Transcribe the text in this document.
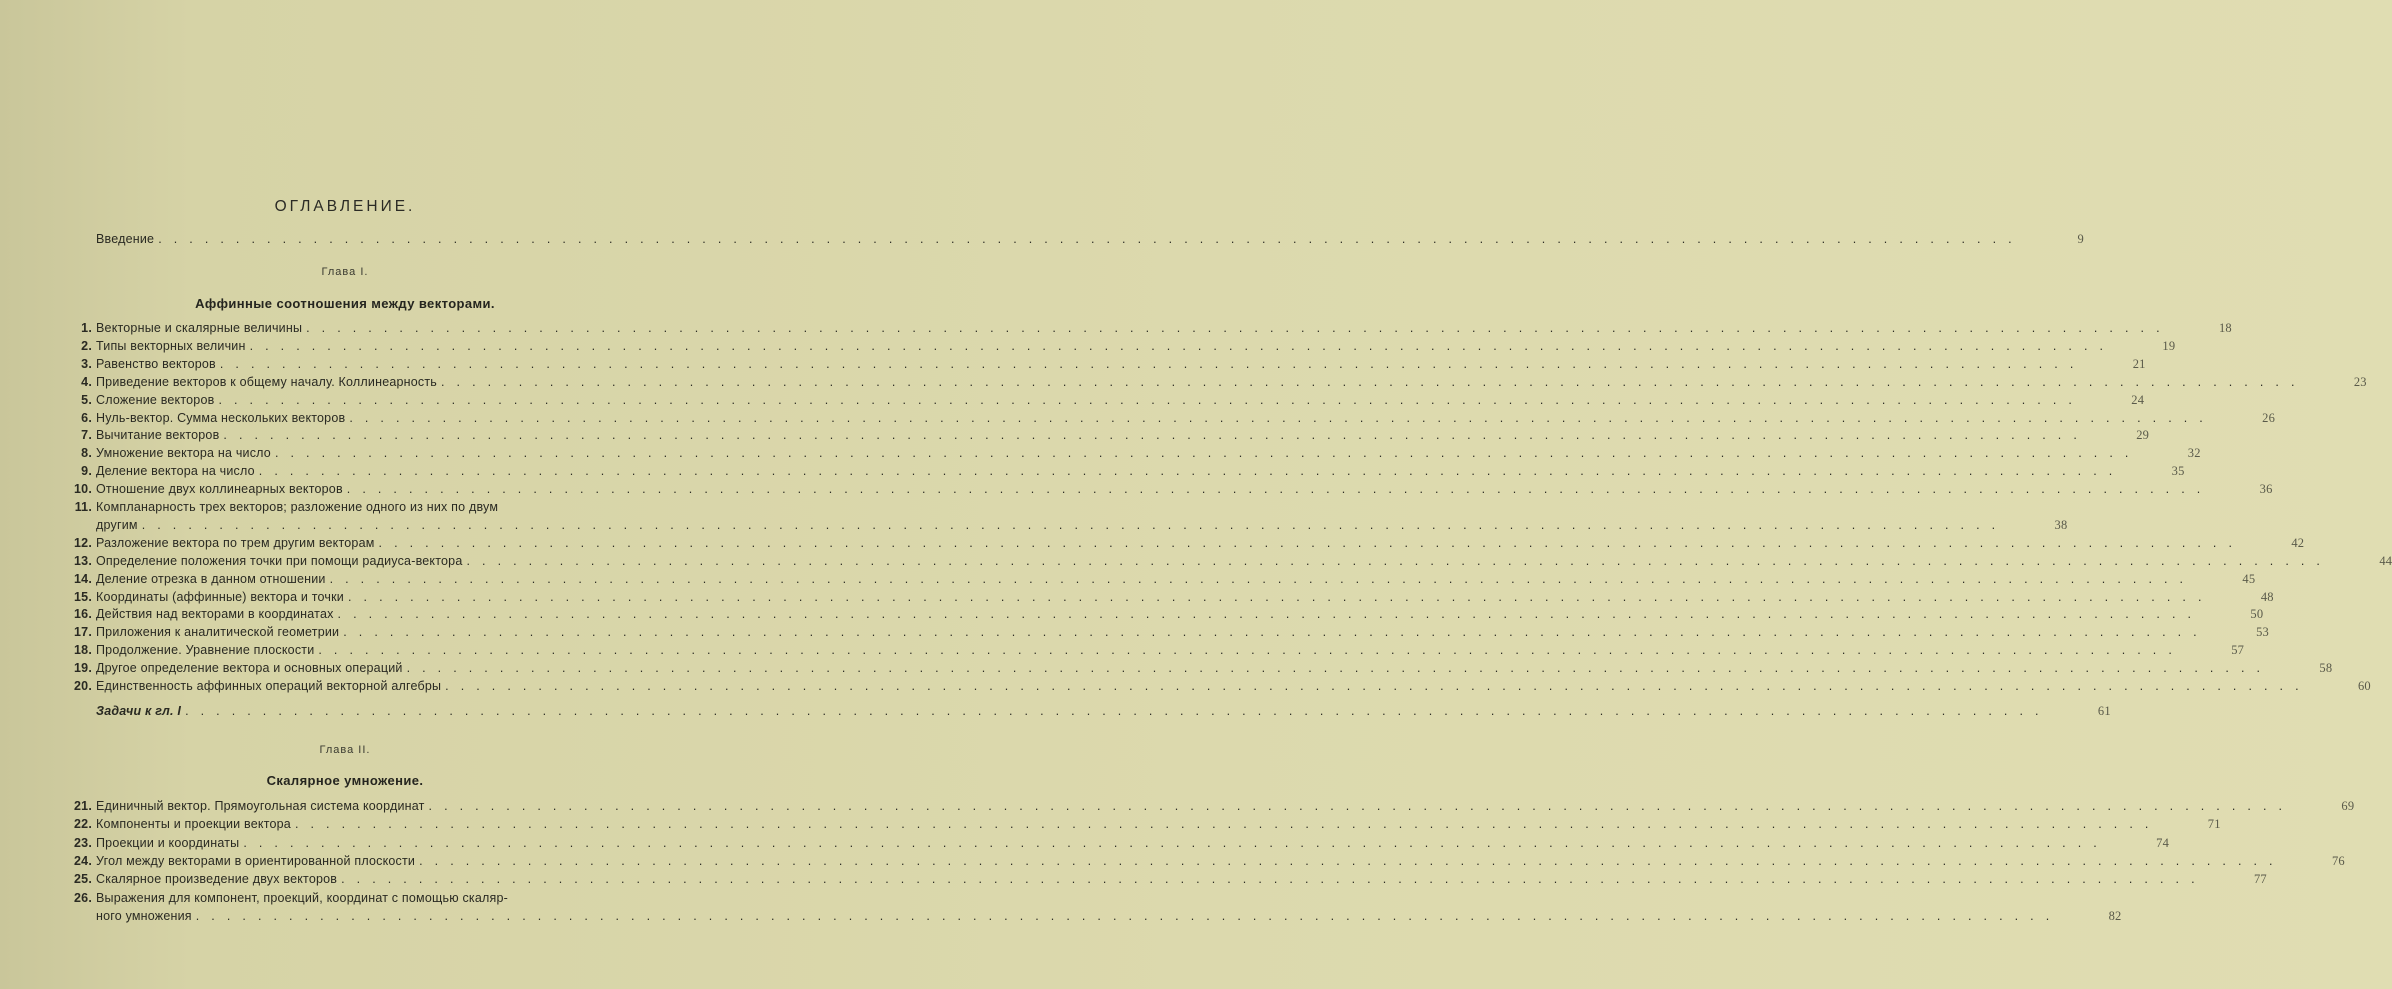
ОГЛАВЛЕНИЕ.
Введение . . . . . . . . . . . . . . . . . . . . . . . . . . . . . . . . . . . . . . . . . . . . . . . . . . . . . . . . . . . . . . . . . . . . . . . . . . . . . . . . . . . . . . . . . . . . . . . . . . . . . . . . . . . . . . . . . . . . . . . .	9
Глава I.
Аффинные соотношения между векторами.
1. Векторные и скалярные величины . . . . . . . . . . . . . . . . . . . . . . . . . . . . . . . . . . . . . . . . . . . . . . . . . . . . . . . . . . . . . . . . . . . . . . . . . . . . . . . . . . . . . . . . . . . . . . . . . . . . . . . . . . . . . . . . . . . . . . . .	18
2. Типы векторных величин . . . . . . . . . . . . . . . . . . . . . . . . . . . . . . . . . . . . . . . . . . . . . . . . . . . . . . . . . . . . . . . . . . . . . . . . . . . . . . . . . . . . . . . . . . . . . . . . . . . . . . . . . . . . . . . . . . . . . . . .	19
3. Равенство векторов . . . . . . . . . . . . . . . . . . . . . . . . . . . . . . . . . . . . . . . . . . . . . . . . . . . . . . . . . . . . . . . . . . . . . . . . . . . . . . . . . . . . . . . . . . . . . . . . . . . . . . . . . . . . . . . . . . . . . . . .	21
4. Приведение векторов к общему началу. Коллинеарность . . . . . . . . . . . . . . . . . . . . . . . . . . . . . . . . . . . . . . . . . . . . . . . . . . . . . . . . . . . . . . . . . . . . . . . . . . . . . . . . . . . . . . . . . . . . . . . . . . . . . . . . . . . . . . . . . . . . . . . .	23
5. Сложение векторов . . . . . . . . . . . . . . . . . . . . . . . . . . . . . . . . . . . . . . . . . . . . . . . . . . . . . . . . . . . . . . . . . . . . . . . . . . . . . . . . . . . . . . . . . . . . . . . . . . . . . . . . . . . . . . . . . . . . . . . .	24
6. Нуль-вектор. Сумма нескольких векторов . . . . . . . . . . . . . . . . . . . . . . . . . . . . . . . . . . . . . . . . . . . . . . . . . . . . . . . . . . . . . . . . . . . . . . . . . . . . . . . . . . . . . . . . . . . . . . . . . . . . . . . . . . . . . . . . . . . . . . . .	26
7. Вычитание векторов . . . . . . . . . . . . . . . . . . . . . . . . . . . . . . . . . . . . . . . . . . . . . . . . . . . . . . . . . . . . . . . . . . . . . . . . . . . . . . . . . . . . . . . . . . . . . . . . . . . . . . . . . . . . . . . . . . . . . . . .	29
8. Умножение вектора на число . . . . . . . . . . . . . . . . . . . . . . . . . . . . . . . . . . . . . . . . . . . . . . . . . . . . . . . . . . . . . . . . . . . . . . . . . . . . . . . . . . . . . . . . . . . . . . . . . . . . . . . . . . . . . . . . . . . . . . . .	32
9. Деление вектора на число . . . . . . . . . . . . . . . . . . . . . . . . . . . . . . . . . . . . . . . . . . . . . . . . . . . . . . . . . . . . . . . . . . . . . . . . . . . . . . . . . . . . . . . . . . . . . . . . . . . . . . . . . . . . . . . . . . . . . . . .	35
10. Отношение двух коллинеарных векторов . . . . . . . . . . . . . . . . . . . . . . . . . . . . . . . . . . . . . . . . . . . . . . . . . . . . . . . . . . . . . . . . . . . . . . . . . . . . . . . . . . . . . . . . . . . . . . . . . . . . . . . . . . . . . . . . . . . . . . . .	36
11. Компланарность трех векторов; разложение одного из них по двум
другим . . . . . . . . . . . . . . . . . . . . . . . . . . . . . . . . . . . . . . . . . . . . . . . . . . . . . . . . . . . . . . . . . . . . . . . . . . . . . . . . . . . . . . . . . . . . . . . . . . . . . . . . . . . . . . . . . . . . . . . .	38
12. Разложение вектора по трем другим векторам . . . . . . . . . . . . . . . . . . . . . . . . . . . . . . . . . . . . . . . . . . . . . . . . . . . . . . . . . . . . . . . . . . . . . . . . . . . . . . . . . . . . . . . . . . . . . . . . . . . . . . . . . . . . . . . . . . . . . . . .	42
13. Определение положения точки при помощи радиуса-вектора . . . . . . . . . . . . . . . . . . . . . . . . . . . . . . . . . . . . . . . . . . . . . . . . . . . . . . . . . . . . . . . . . . . . . . . . . . . . . . . . . . . . . . . . . . . . . . . . . . . . . . . . . . . . . . . . . . . . . . . .	44
14. Деление отрезка в данном отношении . . . . . . . . . . . . . . . . . . . . . . . . . . . . . . . . . . . . . . . . . . . . . . . . . . . . . . . . . . . . . . . . . . . . . . . . . . . . . . . . . . . . . . . . . . . . . . . . . . . . . . . . . . . . . . . . . . . . . . . .	45
15. Координаты (аффинные) вектора и точки . . . . . . . . . . . . . . . . . . . . . . . . . . . . . . . . . . . . . . . . . . . . . . . . . . . . . . . . . . . . . . . . . . . . . . . . . . . . . . . . . . . . . . . . . . . . . . . . . . . . . . . . . . . . . . . . . . . . . . . .	48
16. Действия над векторами в координатах . . . . . . . . . . . . . . . . . . . . . . . . . . . . . . . . . . . . . . . . . . . . . . . . . . . . . . . . . . . . . . . . . . . . . . . . . . . . . . . . . . . . . . . . . . . . . . . . . . . . . . . . . . . . . . . . . . . . . . . .	50
17. Приложения к аналитической геометрии . . . . . . . . . . . . . . . . . . . . . . . . . . . . . . . . . . . . . . . . . . . . . . . . . . . . . . . . . . . . . . . . . . . . . . . . . . . . . . . . . . . . . . . . . . . . . . . . . . . . . . . . . . . . . . . . . . . . . . . .	53
18. Продолжение. Уравнение плоскости . . . . . . . . . . . . . . . . . . . . . . . . . . . . . . . . . . . . . . . . . . . . . . . . . . . . . . . . . . . . . . . . . . . . . . . . . . . . . . . . . . . . . . . . . . . . . . . . . . . . . . . . . . . . . . . . . . . . . . . .	57
19. Другое определение вектора и основных операций . . . . . . . . . . . . . . . . . . . . . . . . . . . . . . . . . . . . . . . . . . . . . . . . . . . . . . . . . . . . . . . . . . . . . . . . . . . . . . . . . . . . . . . . . . . . . . . . . . . . . . . . . . . . . . . . . . . . . . . .	58
20. Единственность аффинных операций векторной алгебры . . . . . . . . . . . . . . . . . . . . . . . . . . . . . . . . . . . . . . . . . . . . . . . . . . . . . . . . . . . . . . . . . . . . . . . . . . . . . . . . . . . . . . . . . . . . . . . . . . . . . . . . . . . . . . . . . . . . . . . .	60
Задачи к гл. I . . . . . . . . . . . . . . . . . . . . . . . . . . . . . . . . . . . . . . . . . . . . . . . . . . . . . . . . . . . . . . . . . . . . . . . . . . . . . . . . . . . . . . . . . . . . . . . . . . . . . . . . . . . . . . . . . . . . . . . .	61
Глава II.
Скалярное умножение.
21. Единичный вектор. Прямоугольная система координат . . . . . . . . . . . . . . . . . . . . . . . . . . . . . . . . . . . . . . . . . . . . . . . . . . . . . . . . . . . . . . . . . . . . . . . . . . . . . . . . . . . . . . . . . . . . . . . . . . . . . . . . . . . . . . . . . . . . . . . .	69
22. Компоненты и проекции вектора . . . . . . . . . . . . . . . . . . . . . . . . . . . . . . . . . . . . . . . . . . . . . . . . . . . . . . . . . . . . . . . . . . . . . . . . . . . . . . . . . . . . . . . . . . . . . . . . . . . . . . . . . . . . . . . . . . . . . . . .	71
23. Проекции и координаты . . . . . . . . . . . . . . . . . . . . . . . . . . . . . . . . . . . . . . . . . . . . . . . . . . . . . . . . . . . . . . . . . . . . . . . . . . . . . . . . . . . . . . . . . . . . . . . . . . . . . . . . . . . . . . . . . . . . . . . .	74
24. Угол между векторами в ориентированной плоскости . . . . . . . . . . . . . . . . . . . . . . . . . . . . . . . . . . . . . . . . . . . . . . . . . . . . . . . . . . . . . . . . . . . . . . . . . . . . . . . . . . . . . . . . . . . . . . . . . . . . . . . . . . . . . . . . . . . . . . . .	76
25. Скалярное произведение двух векторов . . . . . . . . . . . . . . . . . . . . . . . . . . . . . . . . . . . . . . . . . . . . . . . . . . . . . . . . . . . . . . . . . . . . . . . . . . . . . . . . . . . . . . . . . . . . . . . . . . . . . . . . . . . . . . . . . . . . . . . .	77
26. Выражения для компонент, проекций, координат с помощью скаляр-
ного умножения . . . . . . . . . . . . . . . . . . . . . . . . . . . . . . . . . . . . . . . . . . . . . . . . . . . . . . . . . . . . . . . . . . . . . . . . . . . . . . . . . . . . . . . . . . . . . . . . . . . . . . . . . . . . . . . . . . . . . . . .	82
